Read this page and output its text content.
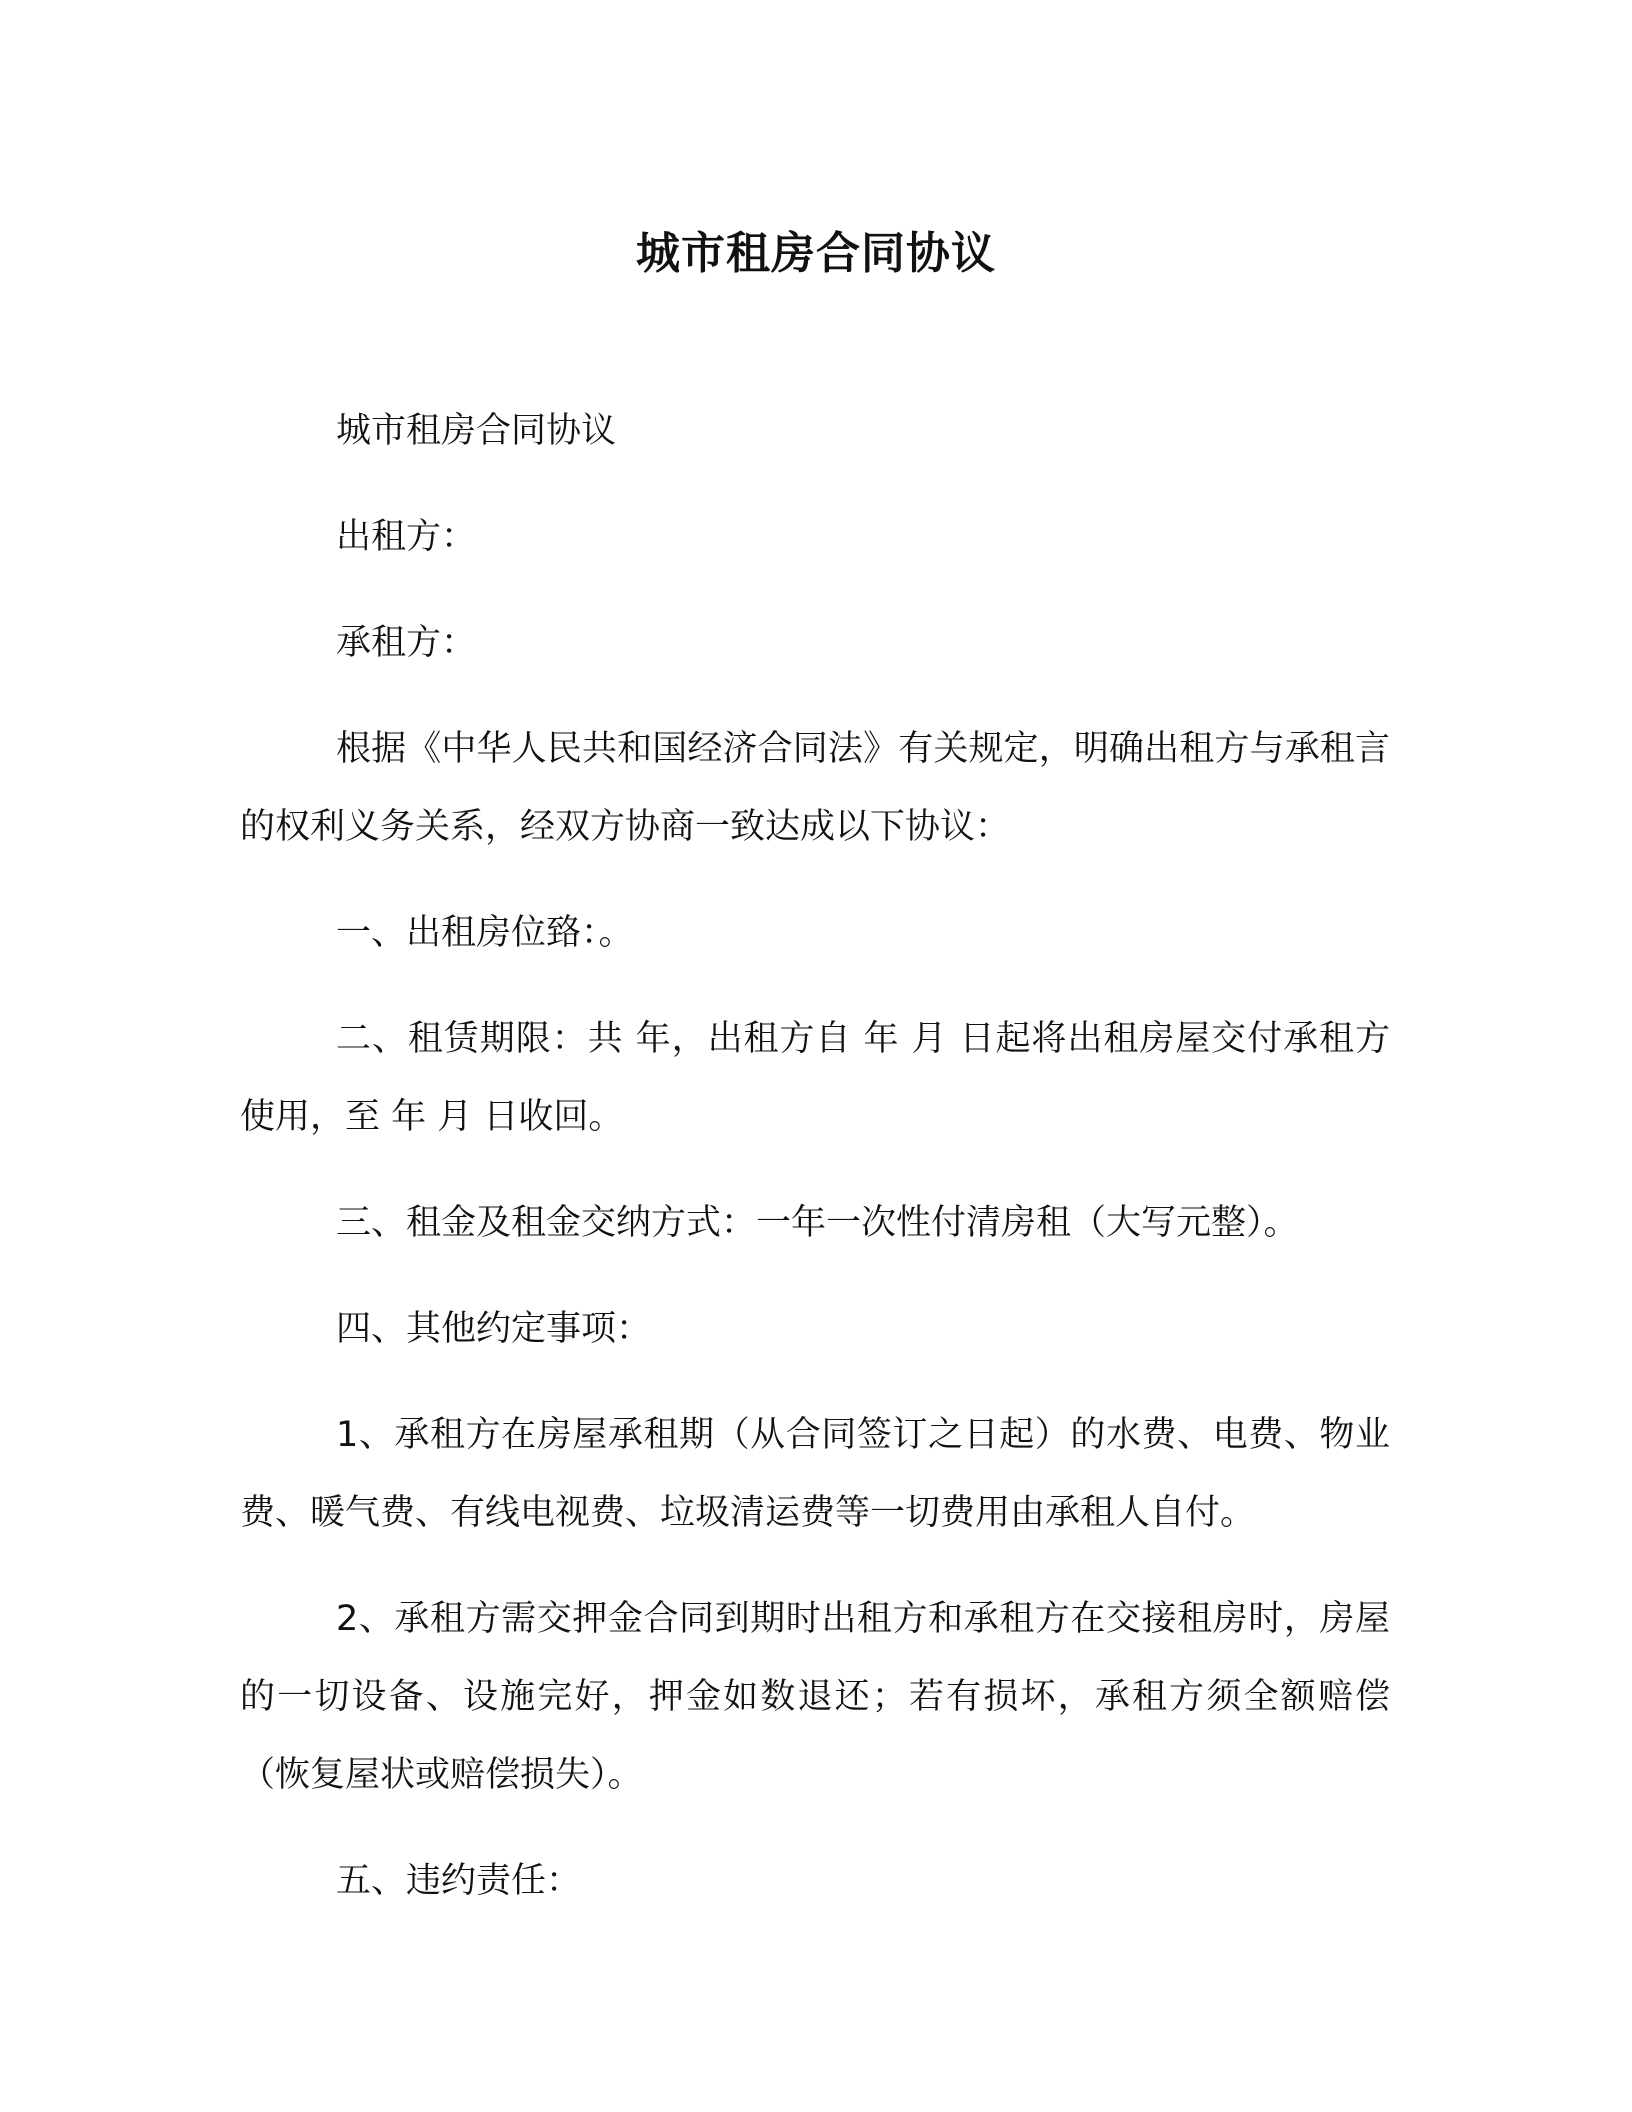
城市租房合同协议

城市租房合同协议

出租方：

承租方：

根据《中华人民共和国经济合同法》有关规定，明确出租方与承租言的权利义务关系，经双方协商一致达成以下协议：

一、出租房位臵：。

二、租赁期限：共 年，出租方自 年 月 日起将出租房屋交付承租方使用，至 年 月 日收回。

三、租金及租金交纳方式：一年一次性付清房租（大写元整）。

四、其他约定事项：

1、承租方在房屋承租期（从合同签订之日起）的水费、电费、物业费、暖气费、有线电视费、垃圾清运费等一切费用由承租人自付。

2、承租方需交押金合同到期时出租方和承租方在交接租房时，房屋的一切设备、设施完好，押金如数退还；若有损坏，承租方须全额赔偿（恢复屋状或赔偿损失）。

五、违约责任：
